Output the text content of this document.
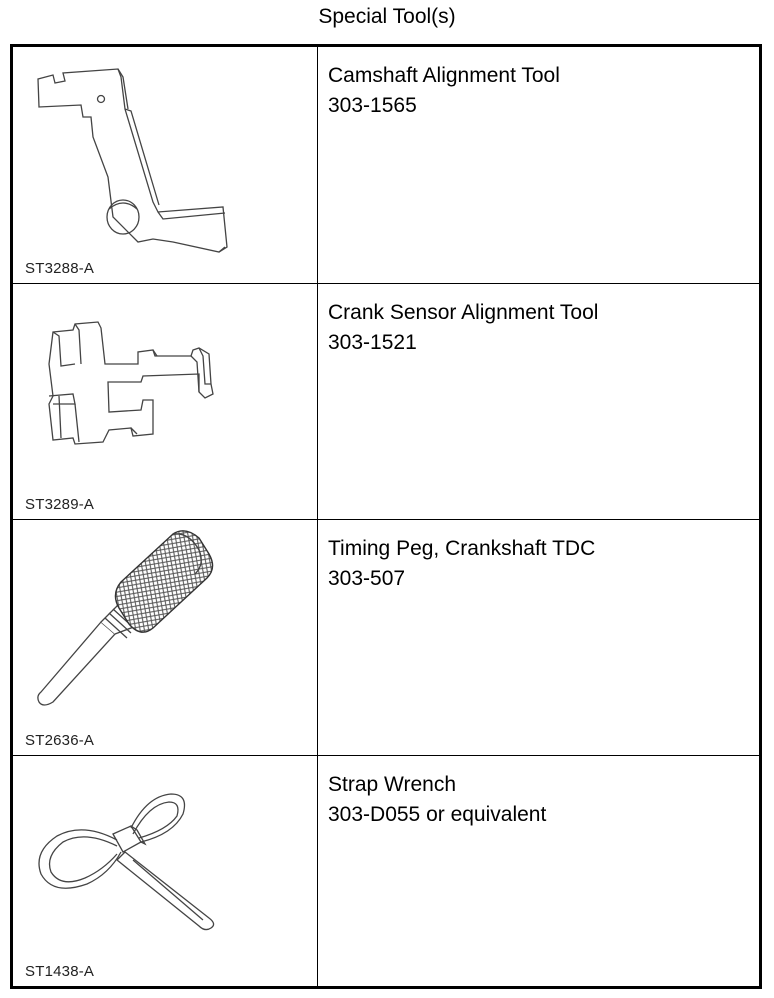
Special Tool(s)
ST3288-A
Camshaft Alignment Tool
303-1565
ST3289-A
Crank Sensor Alignment Tool
303-1521
ST2636-A
Timing Peg, Crankshaft TDC
303-507
ST1438-A
Strap Wrench
303-D055 or equivalent
